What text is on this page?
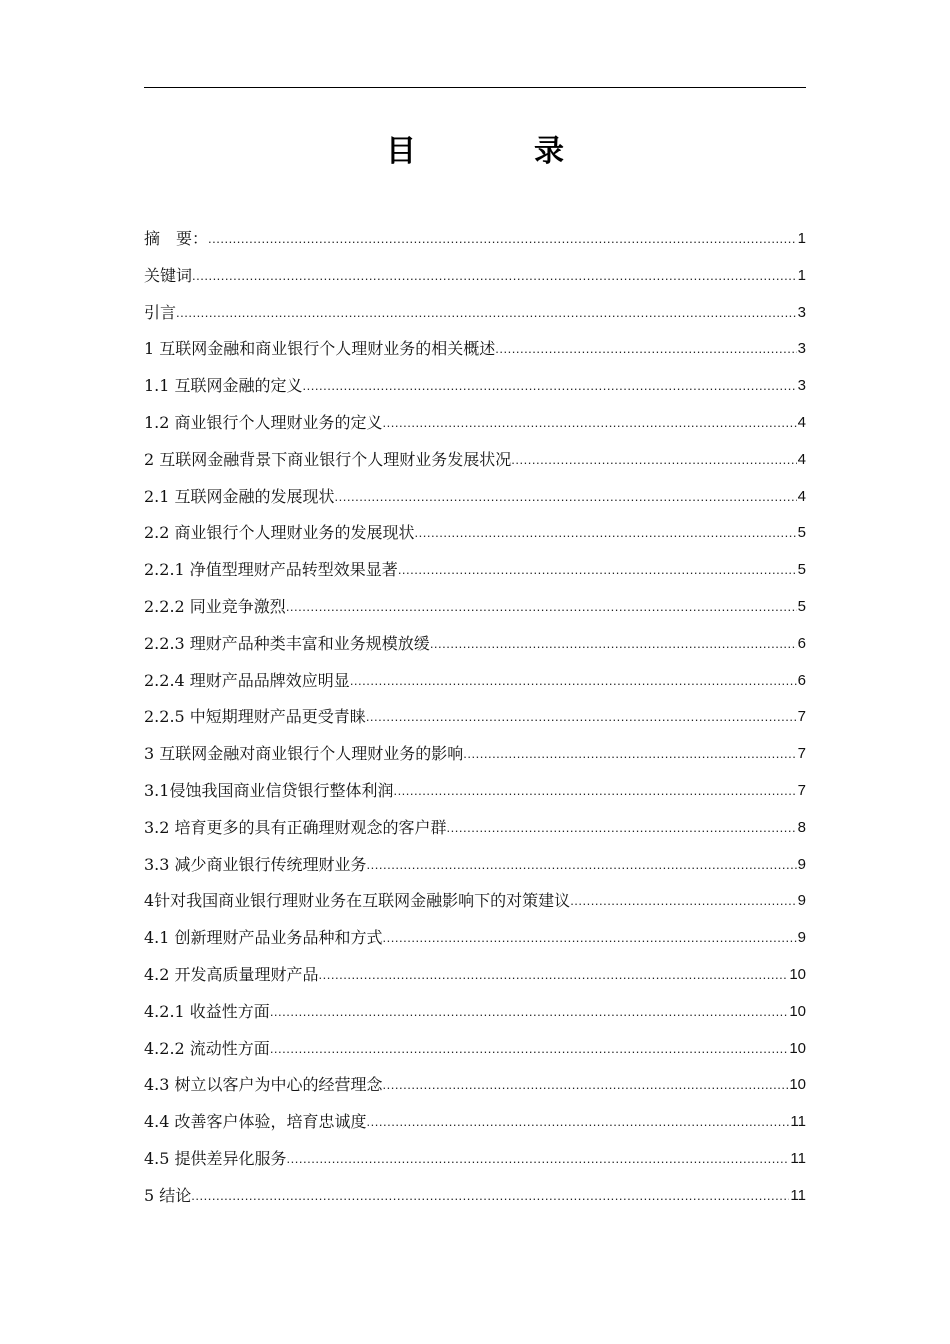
目　录
摘　要： .....	1
关键词 .....	1
引言 .....	3
1 互联网金融和商业银行个人理财业务的相关概述 .....	3
1.1 互联网金融的定义 .....	3
1.2 商业银行个人理财业务的定义 .....	4
2 互联网金融背景下商业银行个人理财业务发展状况 .....	4
2.1 互联网金融的发展现状 .....	4
2.2 商业银行个人理财业务的发展现状 .....	5
2.2.1 净值型理财产品转型效果显著 .....	5
2.2.2 同业竞争激烈 .....	5
2.2.3 理财产品种类丰富和业务规模放缓 .....	6
2.2.4 理财产品品牌效应明显 .....	6
2.2.5 中短期理财产品更受青睐 .....	7
3 互联网金融对商业银行个人理财业务的影响 .....	7
3.1侵蚀我国商业信贷银行整体利润 .....	7
3.2 培育更多的具有正确理财观念的客户群 .....	8
3.3 减少商业银行传统理财业务 .....	9
4针对我国商业银行理财业务在互联网金融影响下的对策建议 .....	9
4.1 创新理财产品业务品种和方式 .....	9
4.2 开发高质量理财产品 .....	10
4.2.1 收益性方面 .....	10
4.2.2 流动性方面 .....	10
4.3 树立以客户为中心的经营理念 .....	10
4.4 改善客户体验，培育忠诚度 .....	11
4.5 提供差异化服务 .....	11
5 结论 .....	11
